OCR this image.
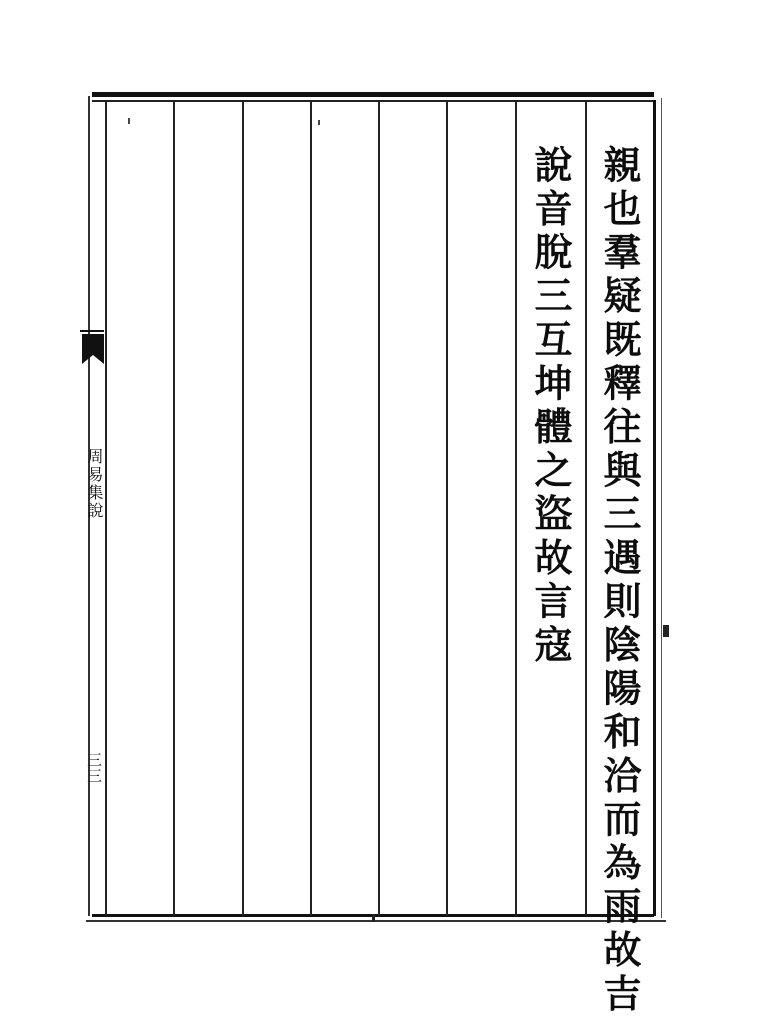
周易集說
三三	親也羣疑既釋往與三遇則陰陽和洽而為雨故吉
說音脫三互坤體之盜故言寇
